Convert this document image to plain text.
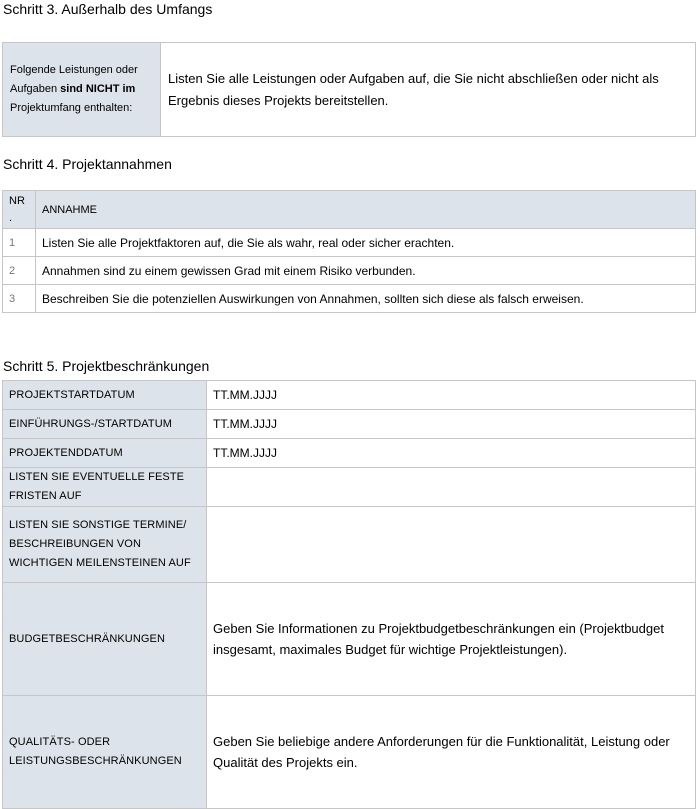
Schritt 3. Außerhalb des Umfangs
Folgende Leistungen oder Aufgaben sind NICHT im
Projektumfang enthalten:	Listen Sie alle Leistungen oder Aufgaben auf, die Sie nicht abschließen oder nicht als Ergebnis dieses Projekts bereitstellen.
Schritt 4. Projektannahmen
NR .	ANNAHME
1	Listen Sie alle Projektfaktoren auf, die Sie als wahr, real oder sicher erachten.
2	Annahmen sind zu einem gewissen Grad mit einem Risiko verbunden.
3	Beschreiben Sie die potenziellen Auswirkungen von Annahmen, sollten sich diese als falsch erweisen.
Schritt 5. Projektbeschränkungen
PROJEKTSTARTDATUM	TT.MM.JJJJ
EINFÜHRUNGS-/STARTDATUM	TT.MM.JJJJ
PROJEKTENDDATUM	TT.MM.JJJJ
LISTEN SIE EVENTUELLE FESTE FRISTEN AUF	
LISTEN SIE SONSTIGE TERMINE/ BESCHREIBUNGEN VON WICHTIGEN MEILENSTEINEN AUF	
BUDGETBESCHRÄNKUNGEN	Geben Sie Informationen zu Projektbudgetbeschränkungen ein (Projektbudget insgesamt, maximales Budget für wichtige Projektleistungen).
QUALITÄTS- ODER LEISTUNGSBESCHRÄNKUNGEN	Geben Sie beliebige andere Anforderungen für die Funktionalität, Leistung oder Qualität des Projekts ein.
